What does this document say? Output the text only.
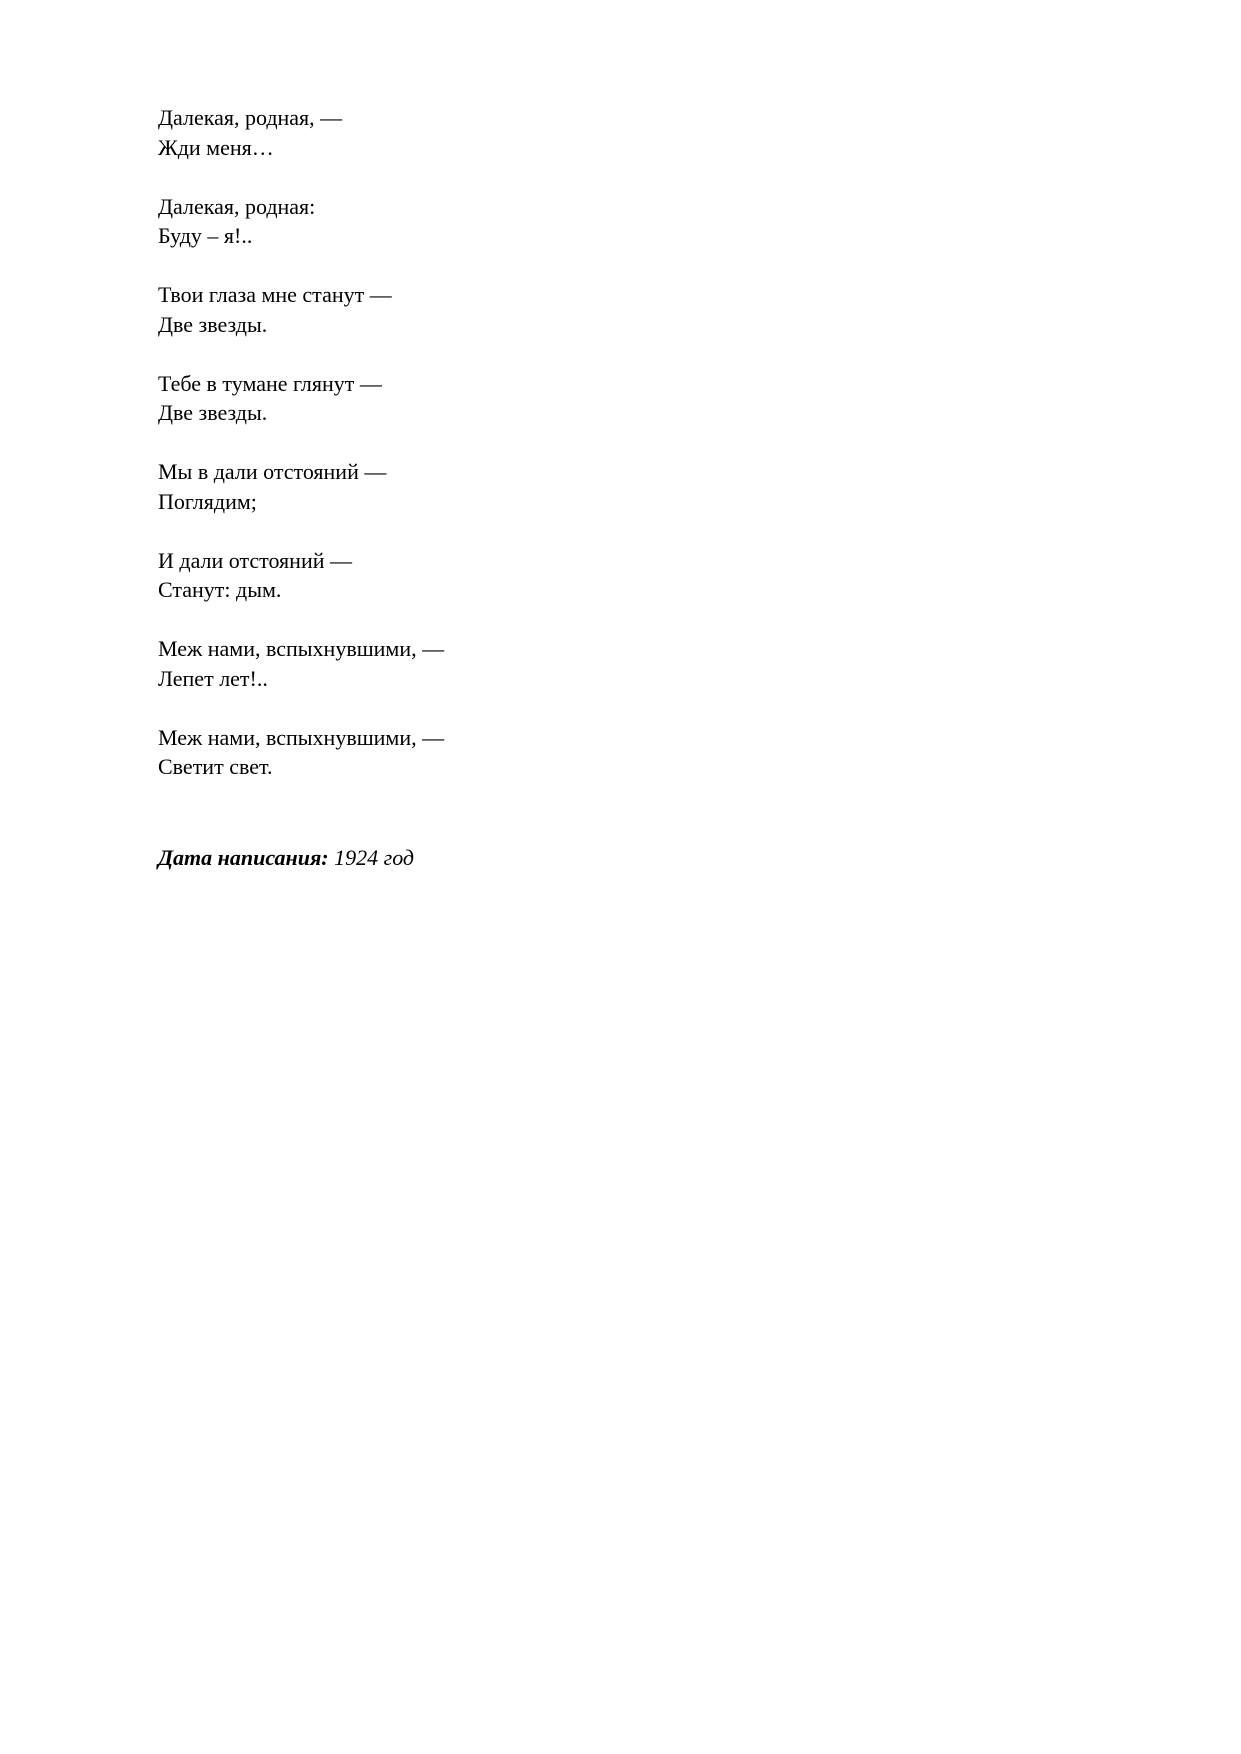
Далекая, родная, —
Жди меня…
Далекая, родная:
Буду – я!..
Твои глаза мне станут —
Две звезды.
Тебе в тумане глянут —
Две звезды.
Мы в дали отстояний —
Поглядим;
И дали отстояний —
Станут: дым.
Меж нами, вспыхнувшими, —
Лепет лет!..
Меж нами, вспыхнувшими, —
Светит свет.
Дата написания: 1924 год
